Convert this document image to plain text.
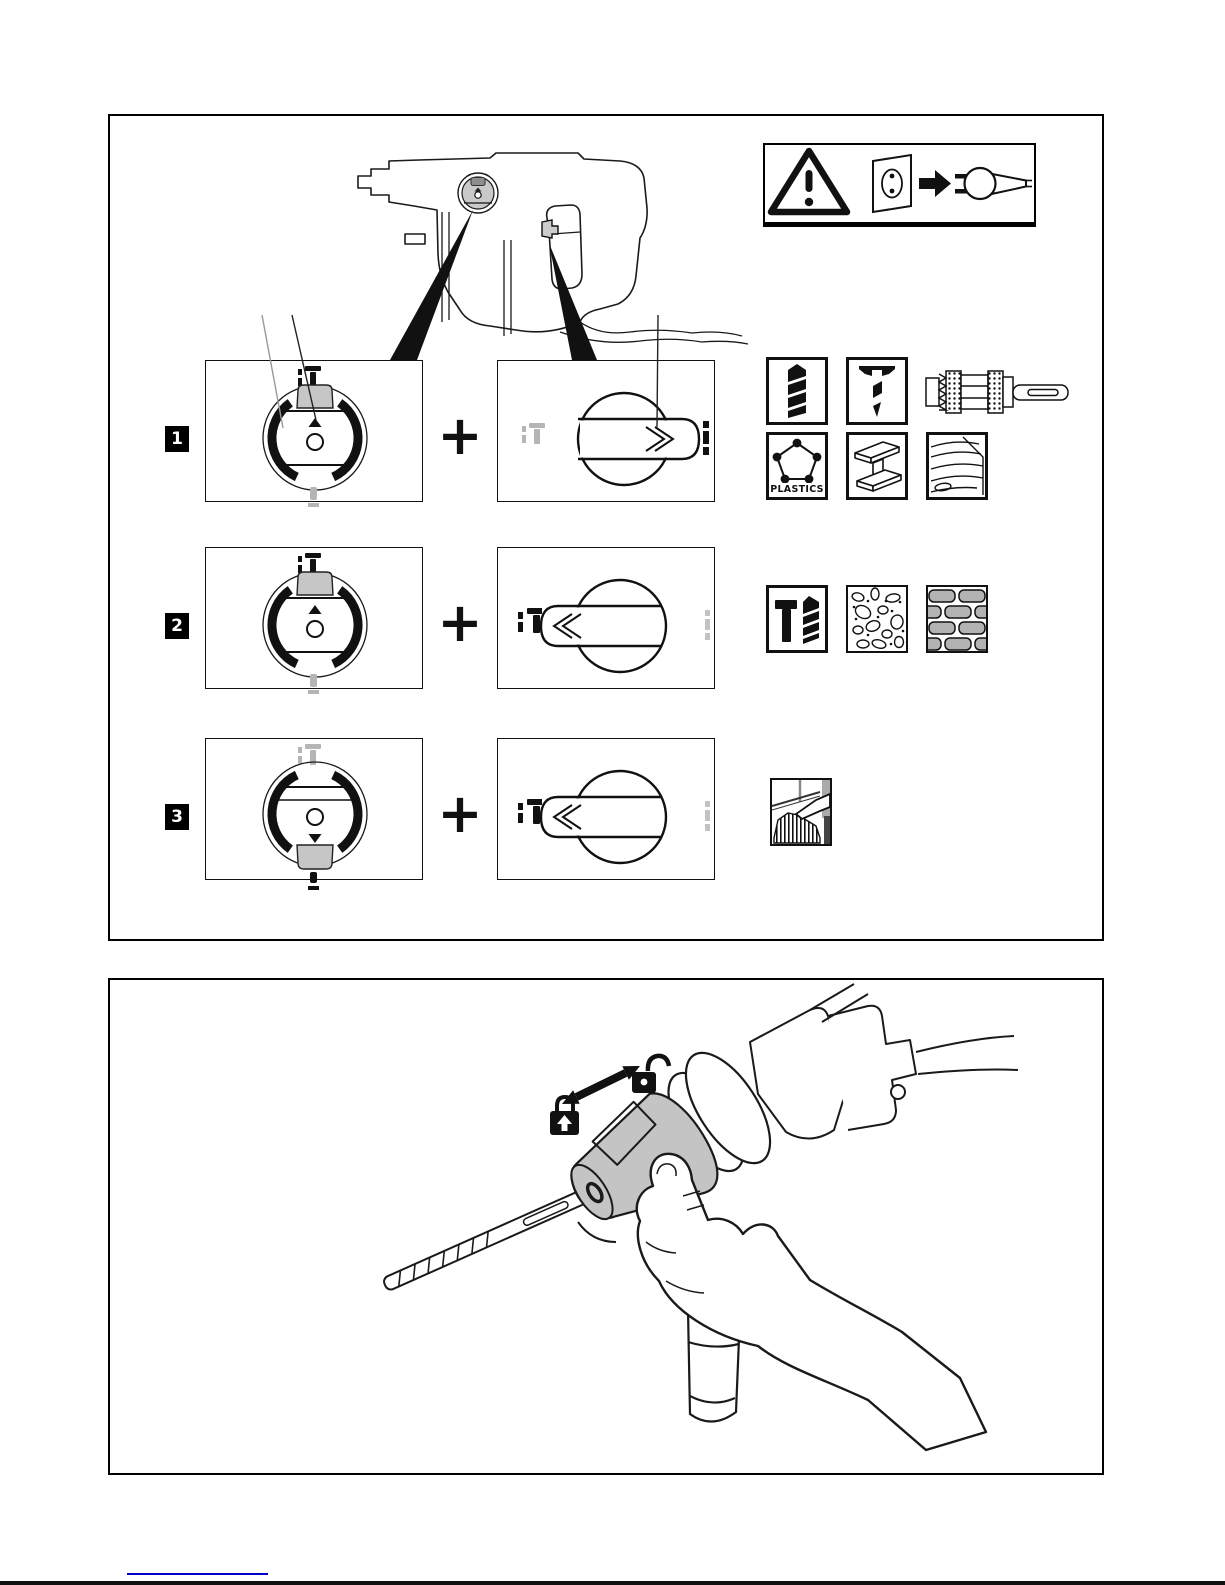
1	+
PLASTICS
2	+
3	+
